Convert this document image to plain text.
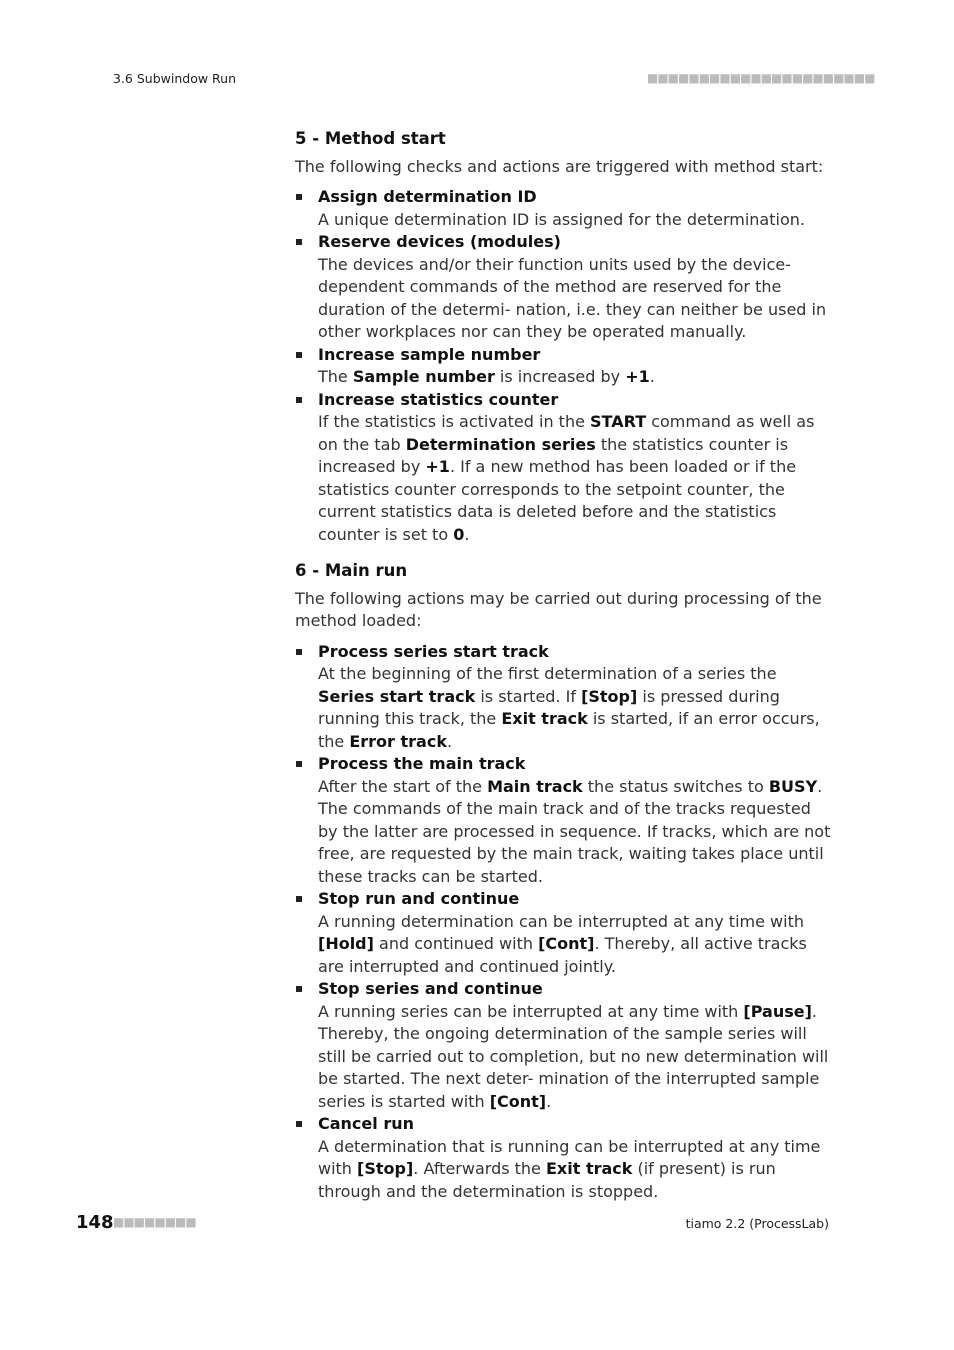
3.6 Subwindow Run	■■■■■■■■■■■■■■■■■■■■■■
5 - Method start

The following checks and actions are triggered with method start:

Assign determination ID
A unique determination ID is assigned for the determination.
Reserve devices (modules)
The devices and/or their function units used by the device-dependent commands of the method are reserved for the duration of the determi- nation, i.e. they can neither be used in other workplaces nor can they be operated manually.
Increase sample number
The Sample number is increased by +1.
Increase statistics counter
If the statistics is activated in the START command as well as on the tab Determination series the statistics counter is increased by +1. If a new method has been loaded or if the statistics counter corresponds to the setpoint counter, the current statistics data is deleted before and the statistics counter is set to 0.
6 - Main run

The following actions may be carried out during processing of the method loaded:

Process series start track
At the beginning of the first determination of a series the Series start track is started. If [Stop] is pressed during running this track, the Exit track is started, if an error occurs, the Error track.
Process the main track
After the start of the Main track the status switches to BUSY. The commands of the main track and of the tracks requested by the latter are processed in sequence. If tracks, which are not free, are requested by the main track, waiting takes place until these tracks can be started.
Stop run and continue
A running determination can be interrupted at any time with [Hold] and continued with [Cont]. Thereby, all active tracks are interrupted and continued jointly.
Stop series and continue
A running series can be interrupted at any time with [Pause]. Thereby, the ongoing determination of the sample series will still be carried out to completion, but no new determination will be started. The next deter- mination of the interrupted sample series is started with [Cont].
Cancel run
A determination that is running can be interrupted at any time with [Stop]. Afterwards the Exit track (if present) is run through and the determination is stopped.
148 ■■■■■■■■	tiamo 2.2 (ProcessLab)
